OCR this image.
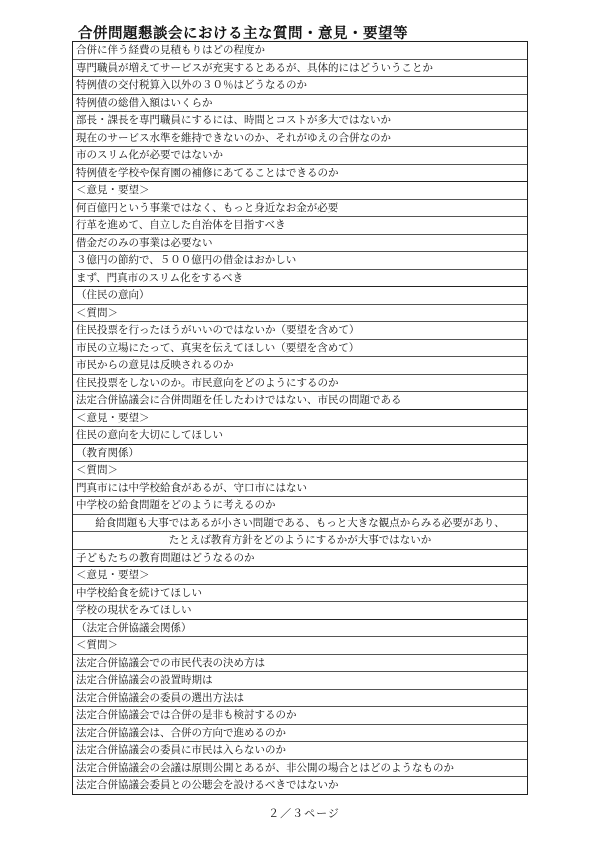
合併問題懇談会における主な質問・意見・要望等
合併に伴う経費の見積もりはどの程度か
専門職員が増えてサービスが充実するとあるが、具体的にはどういうことか
特例債の交付税算入以外の３０％はどうなるのか
特例債の総借入額はいくらか
部長・課長を専門職員にするには、時間とコストが多大ではないか
現在のサービス水準を維持できないのか、それがゆえの合併なのか
市のスリム化が必要ではないか
特例債を学校や保育園の補修にあてることはできるのか
＜意見・要望＞
何百億円という事業ではなく、もっと身近なお金が必要
行革を進めて、自立した自治体を目指すべき
借金だのみの事業は必要ない
３億円の節約で、５００億円の借金はおかしい
まず、門真市のスリム化をするべき
（住民の意向）
＜質問＞
住民投票を行ったほうがいいのではないか（要望を含めて）
市民の立場にたって、真実を伝えてほしい（要望を含めて）
市民からの意見は反映されるのか
住民投票をしないのか。市民意向をどのようにするのか
法定合併協議会に合併問題を任したわけではない、市民の問題である
＜意見・要望＞
住民の意向を大切にしてほしい
（教育関係）
＜質問＞
門真市には中学校給食があるが、守口市にはない
中学校の給食問題をどのように考えるのか
給食問題も大事ではあるが小さい問題である、もっと大きな観点からみる必要があり、
たとえば教育方針をどのようにするかが大事ではないか
子どもたちの教育問題はどうなるのか
＜意見・要望＞
中学校給食を続けてほしい
学校の現状をみてほしい
（法定合併協議会関係）
＜質問＞
法定合併協議会での市民代表の決め方は
法定合併協議会の設置時期は
法定合併協議会の委員の選出方法は
法定合併協議会では合併の是非も検討するのか
法定合併協議会は、合併の方向で進めるのか
法定合併協議会の委員に市民は入らないのか
法定合併協議会の会議は原則公開とあるが、非公開の場合とはどのようなものか
法定合併協議会委員との公聴会を設けるべきではないか
２／３ページ
